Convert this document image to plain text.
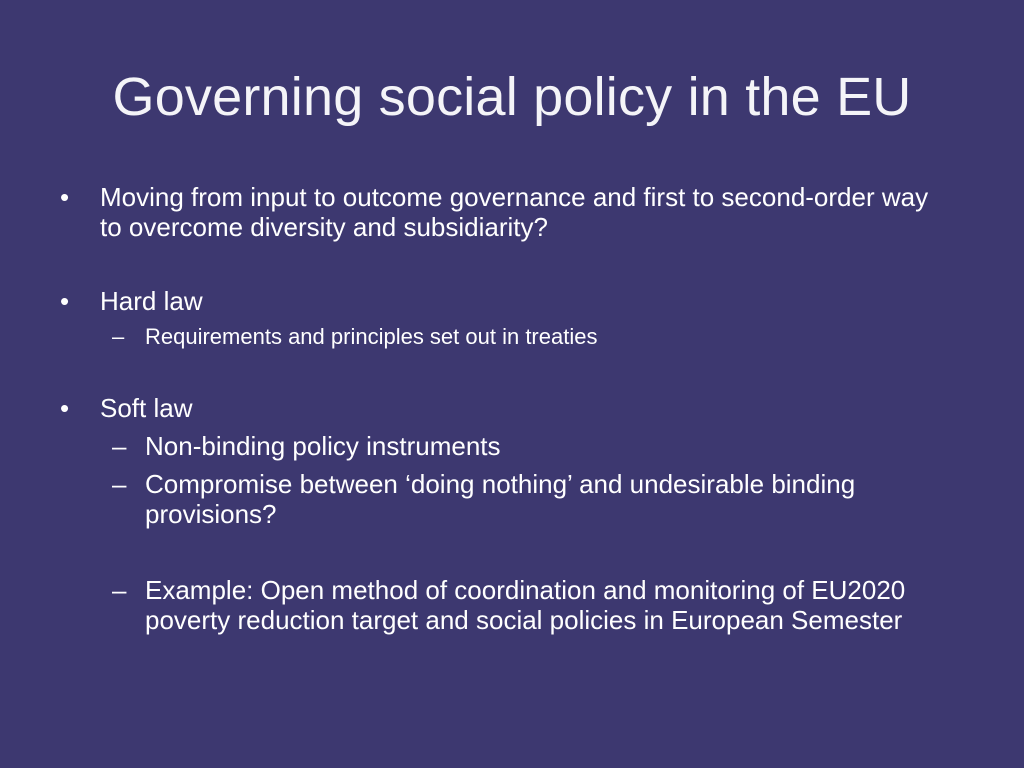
Governing social policy in the EU
•	Moving from input to outcome governance and first to second-order way to overcome diversity and subsidiarity?
•	Hard law
– Requirements and principles set out in treaties
•	Soft law
– Non-binding policy instruments
– Compromise between ‘doing nothing’ and undesirable binding provisions?
– Example: Open method of coordination and monitoring of EU2020 poverty reduction target and social policies in European Semester
